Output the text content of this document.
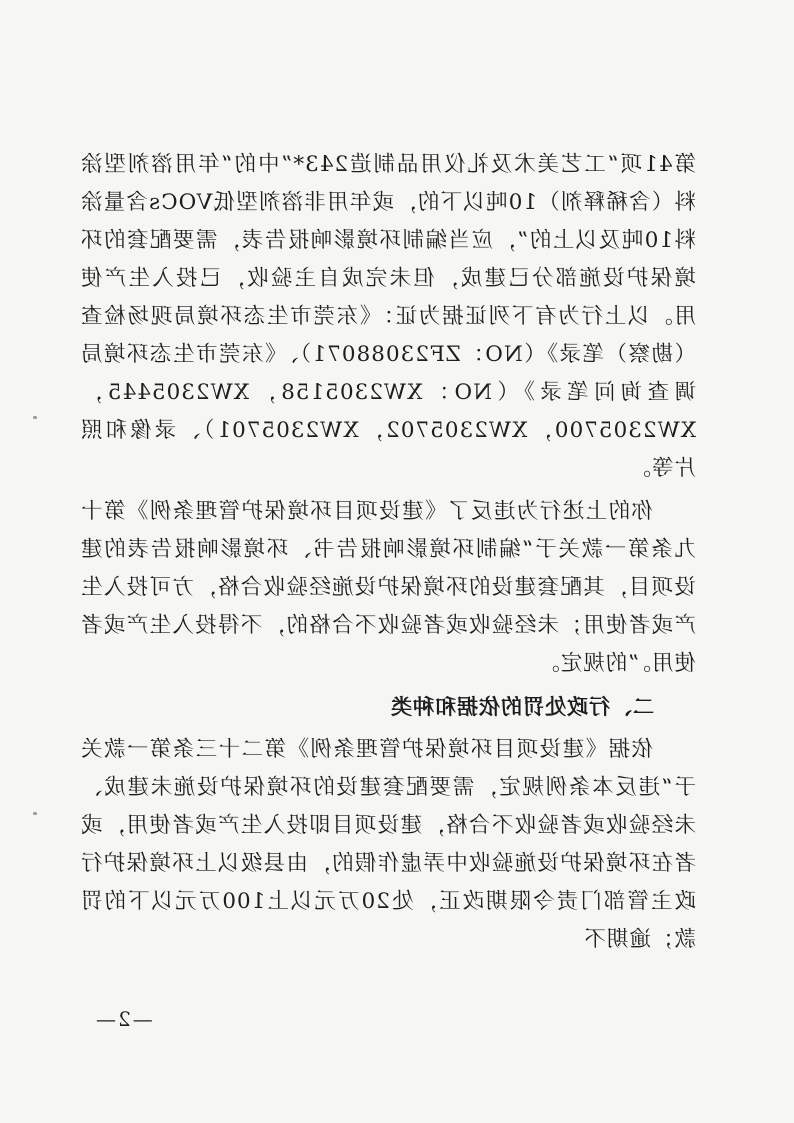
第41项“工艺美术及礼仪用品制造243*”中的“年用溶剂型涂料（含稀释剂）10吨以下的，或年用非溶剂型低VOCs含量涂料10吨及以上的”，应当编制环境影响报告表，需要配套的环境保护设施部分已建成，但未完成自主验收，已投入生产使用。以上行为有下列证据为证：《东莞市生态环境局现场检查（勘察）笔录》（NO：ZF23088071）、《东莞市生态环境局调查询问笔录》（NO：XW2305158，XW2305445，XW2305700，XW2305702，XW2305701）、录像和照片等。

你的上述行为违反了《建设项目环境保护管理条例》第十九条第一款关于“编制环境影响报告书、环境影响报告表的建设项目，其配套建设的环境保护设施经验收合格，方可投入生产或者使用；未经验收或者验收不合格的，不得投入生产或者使用。”的规定。

二、行政处罚的依据和种类

依据《建设项目环境保护管理条例》第二十三条第一款关于“违反本条例规定，需要配套建设的环境保护设施未建成、未经验收或者验收不合格，建设项目即投入生产或者使用，或者在环境保护设施验收中弄虚作假的，由县级以上环境保护行政主管部门责令限期改正，处20万元以上100万元以下的罚款；逾期不

—2—
